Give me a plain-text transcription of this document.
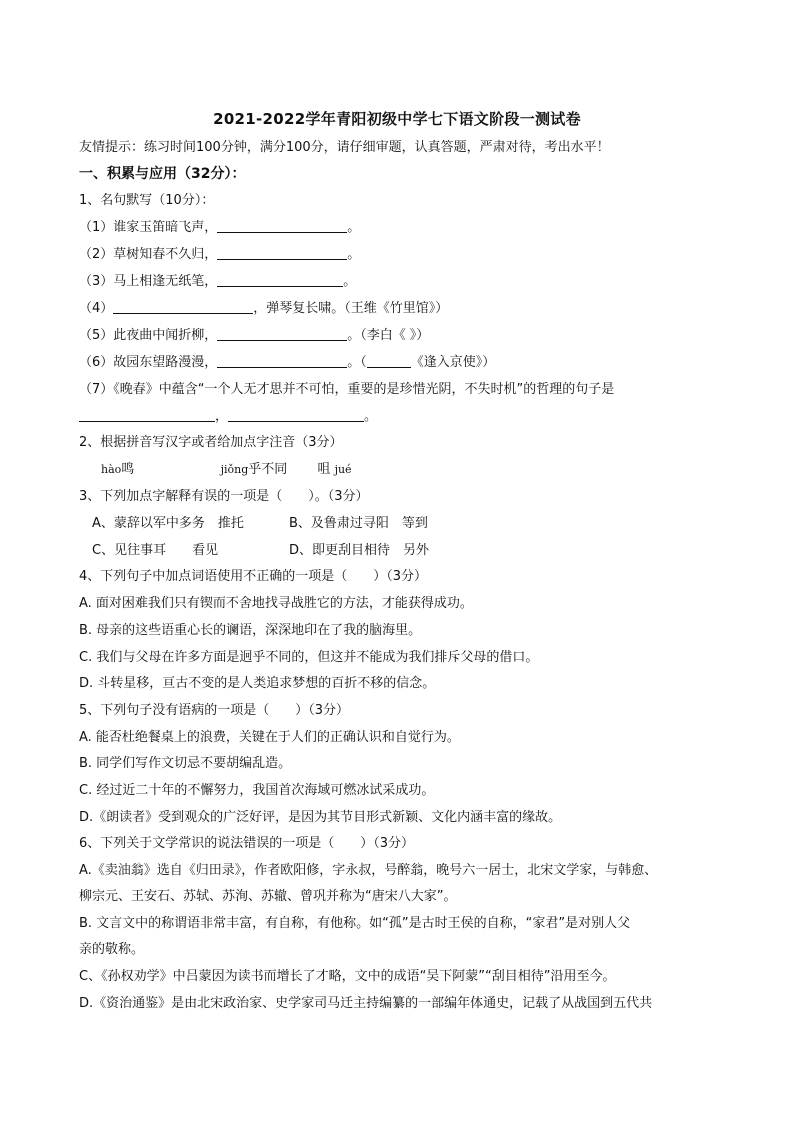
2021-2022学年青阳初级中学七下语文阶段一测试卷
友情提示：练习时间100分钟，满分100分，请仔细审题，认真答题，严肃对待，考出水平！
一、积累与应用（32分）：
1、名句默写（10分）：
（1）谁家玉笛暗飞声，	。
（2）草树知春不久归，	。
（3）马上相逢无纸笔，	。
（4）	，弹琴复长啸。（王维《竹里馆》）
（5）此夜曲中闻折柳，	。（李白《 》）
（6）故园东望路漫漫，	。（	《逢入京使》）
（7）《晚春》中蕴含“一个人无才思并不可怕，重要的是珍惜光阴，不失时机”的哲理的句子是
，	。
2、根据拼音写汉字或者给加点字注音（3分）
hào鸣	jiǒng乎不同 咀 jué
3、下列加点字解释有误的一项是（　　）。（3分）
A、蒙辞以军中多务　推托	B、及鲁肃过寻阳　等到
C、见往事耳　　看见	D、即更刮目相待　另外
4、下列句子中加点词语使用不正确的一项是（　　）（3分）
A. 面对困难我们只有锲而不舍地找寻战胜它的方法，才能获得成功。
B. 母亲的这些语重心长的谰语，深深地印在了我的脑海里。
C. 我们与父母在许多方面是迥乎不同的，但这并不能成为我们排斥父母的借口。
D. 斗转星移，亘古不变的是人类追求梦想的百折不移的信念。
5、下列句子没有语病的一项是（　　）（3分）
A. 能否杜绝餐桌上的浪费，关键在于人们的正确认识和自觉行为。
B. 同学们写作文切忌不要胡编乱造。
C. 经过近二十年的不懈努力，我国首次海域可燃冰试采成功。
D.《朗读者》受到观众的广泛好评，是因为其节目形式新颖、文化内涵丰富的缘故。
6、下列关于文学常识的说法错误的一项是（　　）（3分）
A.《卖油翁》选自《归田录》，作者欧阳修，字永叔，号醉翁，晚号六一居士，北宋文学家，与韩愈、
柳宗元、王安石、苏轼、苏洵、苏辙、曾巩并称为“唐宋八大家”。
B. 文言文中的称谓语非常丰富，有自称，有他称。如“孤”是古时王侯的自称，“家君”是对别人父
亲的敬称。
C、《孙权劝学》中吕蒙因为读书而增长了才略，文中的成语“吴下阿蒙”“刮目相待”沿用至今。
D.《资治通鉴》是由北宋政治家、史学家司马迁主持编纂的一部编年体通史，记载了从战国到五代共
